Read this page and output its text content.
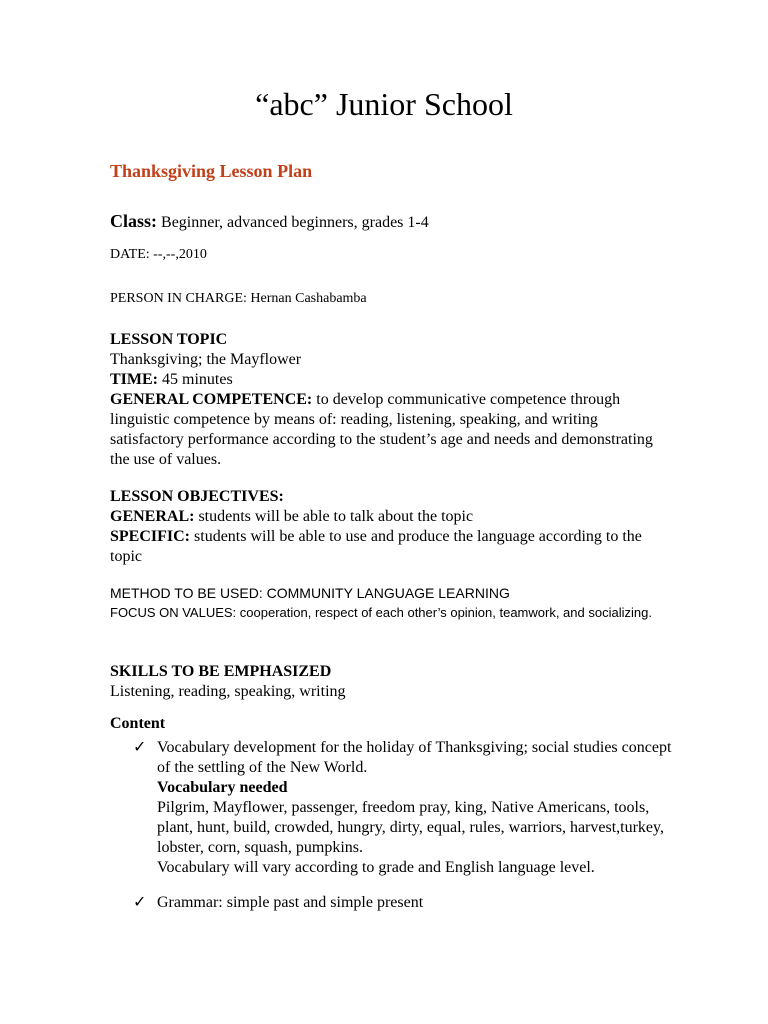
“abc” Junior School
Thanksgiving Lesson Plan
Class: Beginner, advanced beginners, grades 1-4
DATE: --,--,2010
PERSON IN CHARGE: Hernan Cashabamba

LESSON TOPIC

Thanksgiving; the Mayflower

TIME: 45 minutes

GENERAL COMPETENCE: to develop communicative competence through linguistic competence by means of: reading, listening, speaking, and writing satisfactory performance according to the student’s age and needs and demonstrating the use of values.

LESSON OBJECTIVES:

GENERAL: students will be able to talk about the topic

SPECIFIC: students will be able to use and produce the language according to the topic

METHOD TO BE USED: COMMUNITY LANGUAGE LEARNING
FOCUS ON VALUES: cooperation, respect of each other’s opinion, teamwork, and socializing.

SKILLS TO BE EMPHASIZED

Listening, reading, speaking, writing

Content
✓ Vocabulary development for the holiday of Thanksgiving; social studies concept of the settling of the New World.

Vocabulary needed

Pilgrim, Mayflower, passenger, freedom pray, king, Native Americans, tools, plant, hunt, build, crowded, hungry, dirty, equal, rules, warriors, harvest,turkey, lobster, corn, squash, pumpkins.

Vocabulary will vary according to grade and English language level.

✓ Grammar: simple past and simple present
